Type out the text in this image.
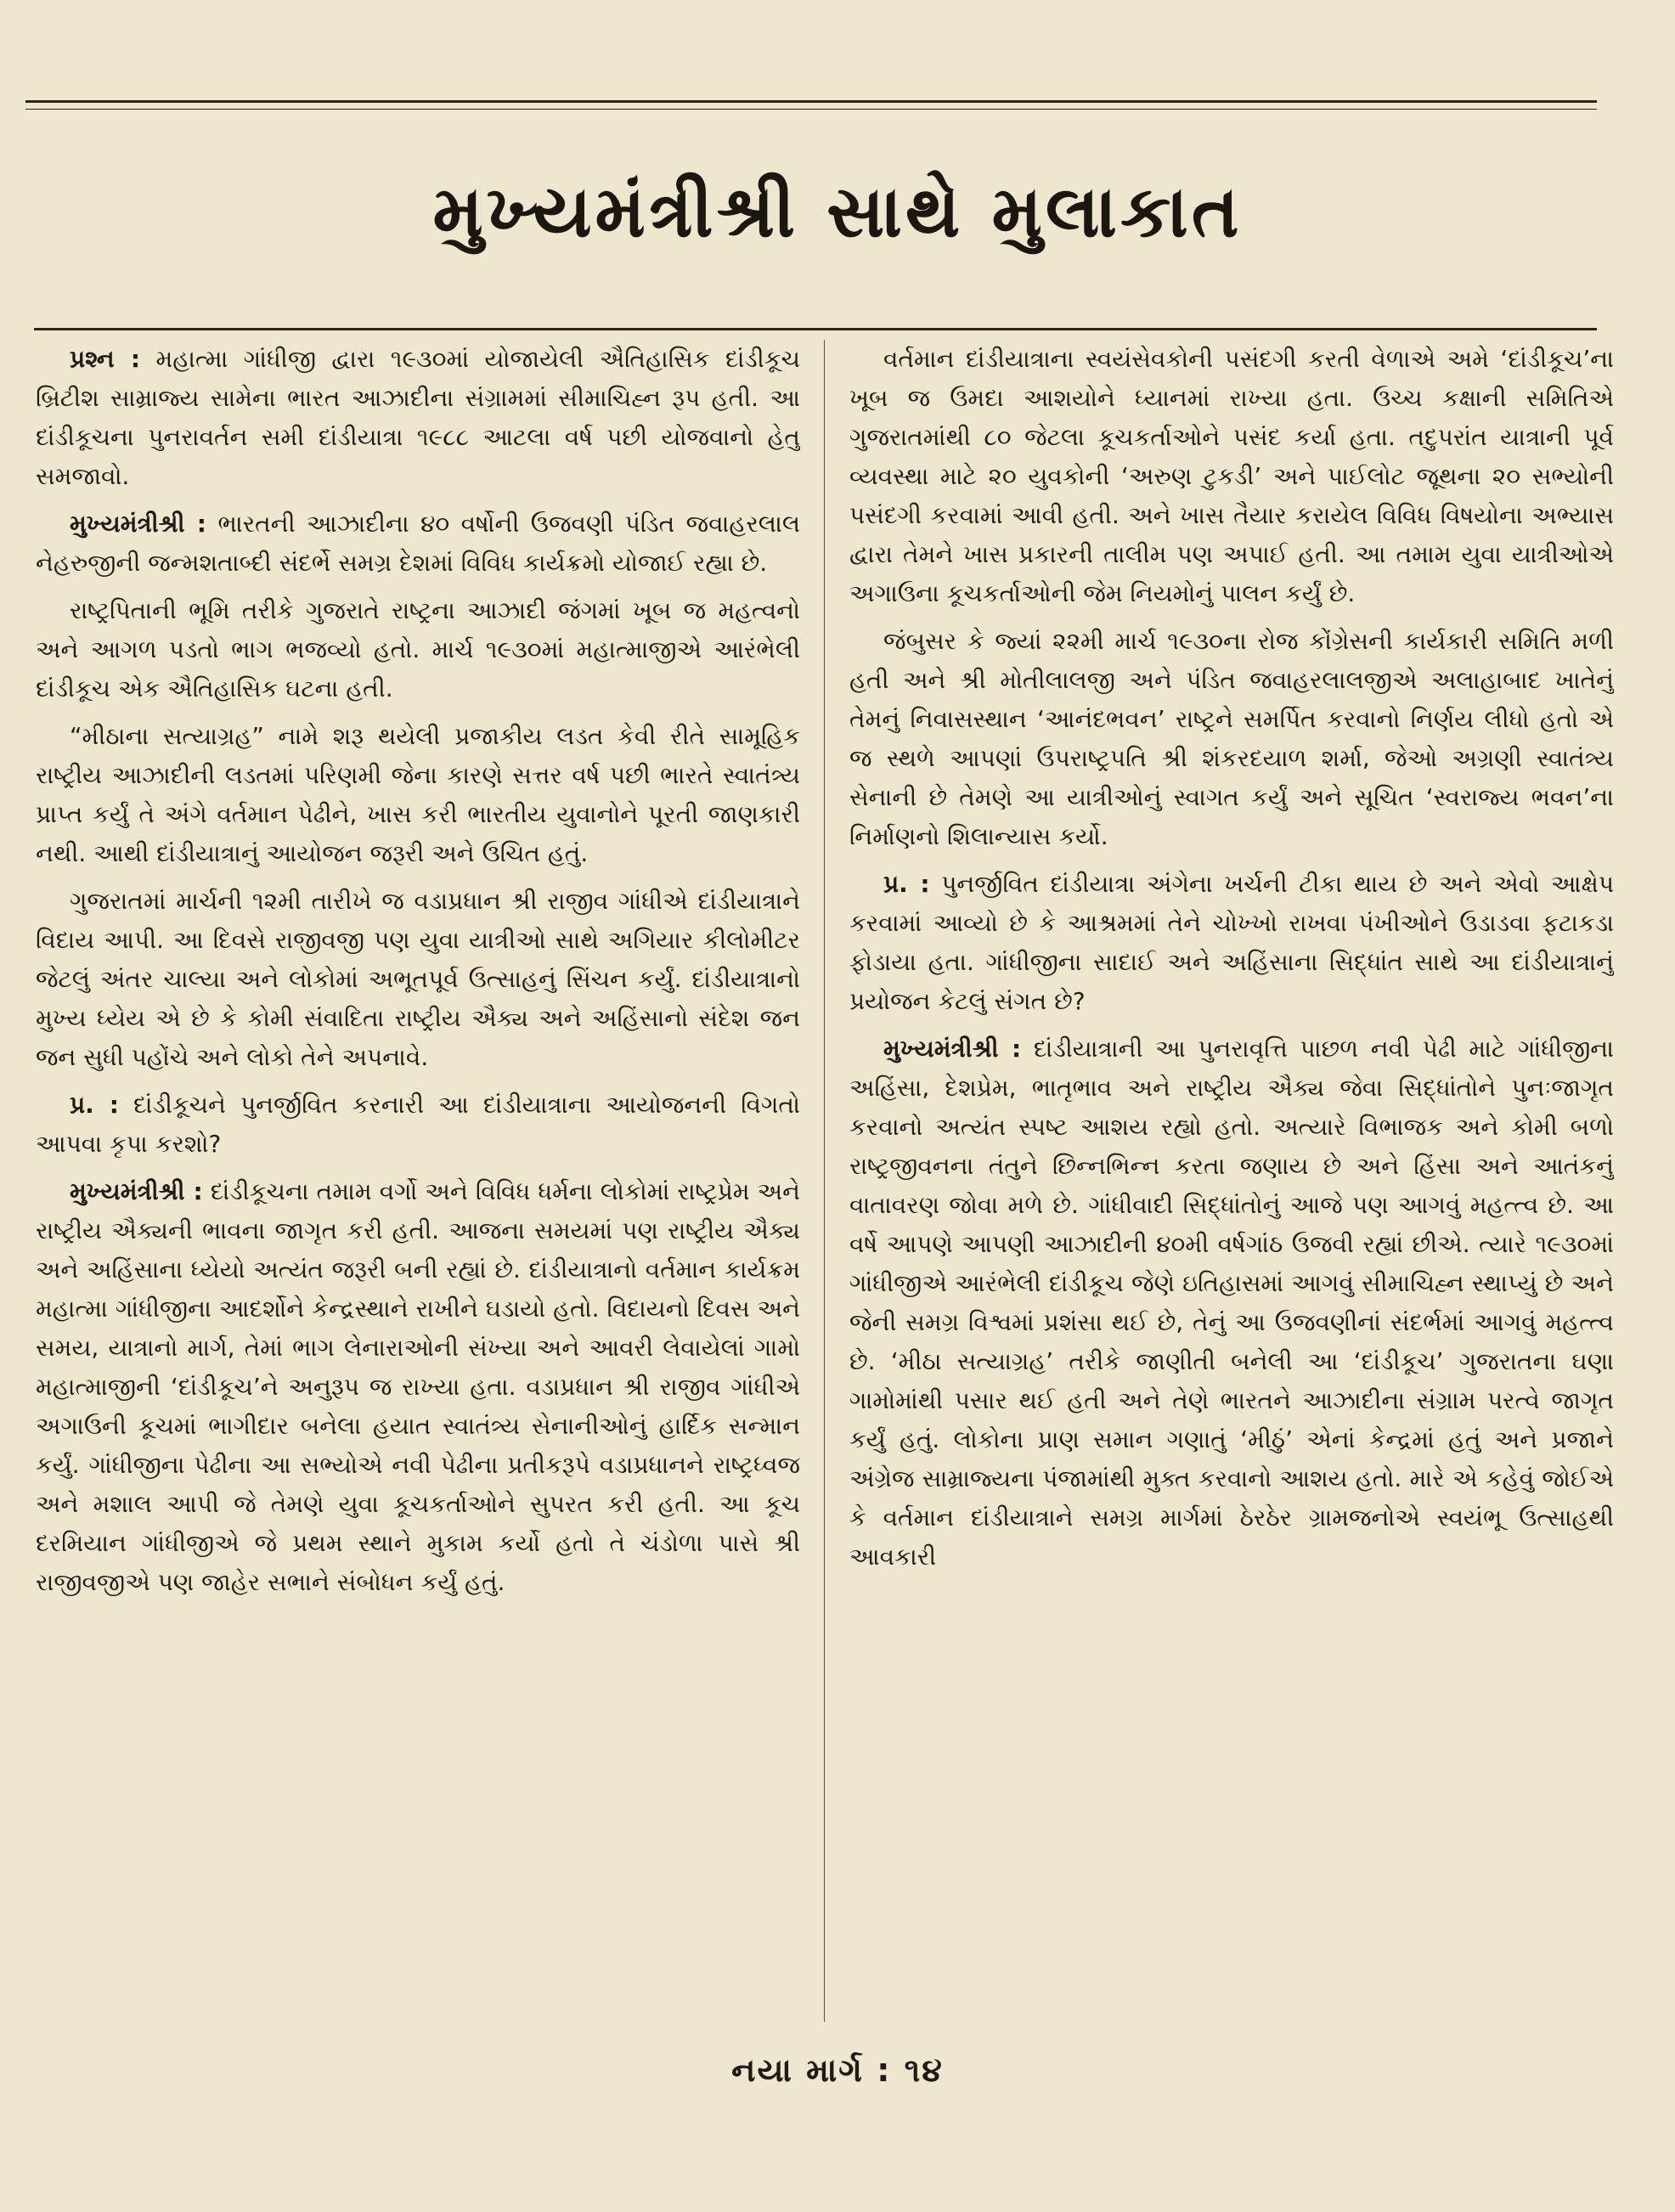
મુખ્યમંત્રીશ્રી સાથે મુલાકાત

પ્રશ્ન : મહાત્મા ગાંધીજી દ્વારા ૧૯૩૦માં યોજાયેલી ઐતિહાસિક દાંડીકૂચ બ્રિટીશ સામ્રાજ્ય સામેના ભારત આઝાદીના સંગ્રામમાં સીમાચિહ્ન રૂપ હતી. આ દાંડીકૂચના પુનરાવર્તન સમી દાંડીયાત્રા ૧૯૮૮ આટલા વર્ષ પછી યોજવાનો હેતુ સમજાવો.

મુખ્યમંત્રીશ્રી : ભારતની આઝાદીના ૪૦ વર્ષોની ઉજવણી પંડિત જવાહરલાલ નેહરુજીની જન્મશતાબ્દી સંદર્ભે સમગ્ર દેશમાં વિવિધ કાર્યક્રમો યોજાઈ રહ્યા છે.

રાષ્ટ્રપિતાની ભૂમિ તરીકે ગુજરાતે રાષ્ટ્રના આઝાદી જંગમાં ખૂબ જ મહત્વનો અને આગળ પડતો ભાગ ભજવ્યો હતો. માર્ચ ૧૯૩૦માં મહાત્માજીએ આરંભેલી દાંડીકૂચ એક ઐતિહાસિક ઘટના હતી.

“મીઠાના સત્યાગ્રહ” નામે શરૂ થયેલી પ્રજાકીય લડત કેવી રીતે સામૂહિક રાષ્ટ્રીય આઝાદીની લડતમાં પરિણમી જેના કારણે સત્તર વર્ષ પછી ભારતે સ્વાતંત્ર્ય પ્રાપ્ત કર્યું તે અંગે વર્તમાન પેઢીને, ખાસ કરી ભારતીય યુવાનોને પૂરતી જાણકારી નથી. આથી દાંડીયાત્રાનું આયોજન જરૂરી અને ઉચિત હતું.

ગુજરાતમાં માર્ચની ૧૨મી તારીખે જ વડાપ્રધાન શ્રી રાજીવ ગાંધીએ દાંડીયાત્રાને વિદાય આપી. આ દિવસે રાજીવજી પણ યુવા યાત્રીઓ સાથે અગિયાર કીલોમીટર જેટલું અંતર ચાલ્યા અને લોકોમાં અભૂતપૂર્વ ઉત્સાહનું સિંચન કર્યું. દાંડીયાત્રાનો મુખ્ય ધ્યેય એ છે કે કોમી સંવાદિતા રાષ્ટ્રીય ઐક્ય અને અહિંસાનો સંદેશ જન જન સુધી પહોંચે અને લોકો તેને અપનાવે.

પ્ર. : દાંડીકૂચને પુનર્જીવિત કરનારી આ દાંડીયાત્રાના આયોજનની વિગતો આપવા કૃપા કરશો?

મુખ્યમંત્રીશ્રી : દાંડીકૂચના તમામ વર્ગો અને વિવિધ ધર્મના લોકોમાં રાષ્ટ્રપ્રેમ અને રાષ્ટ્રીય ઐક્યની ભાવના જાગૃત કરી હતી. આજના સમયમાં પણ રાષ્ટ્રીય ઐક્ય અને અહિંસાના ધ્યેયો અત્યંત જરૂરી બની રહ્યાં છે. દાંડીયાત્રાનો વર્તમાન કાર્યક્રમ મહાત્મા ગાંધીજીના આદર્શોને કેન્દ્રસ્થાને રાખીને ઘડાયો હતો. વિદાયનો દિવસ અને સમય, યાત્રાનો માર્ગ, તેમાં ભાગ લેનારાઓની સંખ્યા અને આવરી લેવાયેલાં ગામો મહાત્માજીની ‘દાંડીકૂચ’ને અનુરૂપ જ રાખ્યા હતા. વડાપ્રધાન શ્રી રાજીવ ગાંધીએ અગાઉની કૂચમાં ભાગીદાર બનેલા હયાત સ્વાતંત્ર્ય સેનાનીઓનું હાર્દિક સન્માન કર્યું. ગાંધીજીના પેઢીના આ સભ્યોએ નવી પેઢીના પ્રતીકરૂપે વડાપ્રધાનને રાષ્ટ્રધ્વજ અને મશાલ આપી જે તેમણે યુવા કૂચકર્તાઓને સુપરત કરી હતી. આ કૂચ દરમિયાન ગાંધીજીએ જે પ્રથમ સ્થાને મુકામ કર્યો હતો તે ચંડોળા પાસે શ્રી રાજીવજીએ પણ જાહેર સભાને સંબોધન કર્યું હતું.

વર્તમાન દાંડીયાત્રાના સ્વયંસેવકોની પસંદગી કરતી વેળાએ અમે ‘દાંડીકૂચ’ના ખૂબ જ ઉમદા આશયોને ધ્યાનમાં રાખ્યા હતા. ઉચ્ચ કક્ષાની સમિતિએ ગુજરાતમાંથી ૮૦ જેટલા કૂચકર્તાઓને પસંદ કર્યા હતા. તદુપરાંત યાત્રાની પૂર્વ વ્યવસ્થા માટે ૨૦ યુવકોની ‘અરુણ ટુકડી’ અને પાઈલોટ જૂથના ૨૦ સભ્યોની પસંદગી કરવામાં આવી હતી. અને ખાસ તૈયાર કરાયેલ વિવિધ વિષયોના અભ્યાસ દ્વારા તેમને ખાસ પ્રકારની તાલીમ પણ અપાઈ હતી. આ તમામ યુવા યાત્રીઓએ અગાઉના કૂચકર્તાઓની જેમ નિયમોનું પાલન કર્યું છે.

જંબુસર કે જ્યાં ૨૨મી માર્ચ ૧૯૩૦ના રોજ કોંગ્રેસની કાર્યકારી સમિતિ મળી હતી અને શ્રી મોતીલાલજી અને પંડિત જવાહરલાલજીએ અલાહાબાદ ખાતેનું તેમનું નિવાસસ્થાન ‘આનંદભવન’ રાષ્ટ્રને સમર્પિત કરવાનો નિર્ણય લીધો હતો એ જ સ્થળે આપણાં ઉપરાષ્ટ્રપતિ શ્રી શંકરદયાળ શર્મા, જેઓ અગ્રણી સ્વાતંત્ર્ય સેનાની છે તેમણે આ યાત્રીઓનું સ્વાગત કર્યું અને સૂચિત ‘સ્વરાજ્ય ભવન’ના નિર્માણનો શિલાન્યાસ કર્યો.

પ્ર. : પુનર્જીવિત દાંડીયાત્રા અંગેના ખર્ચની ટીકા થાય છે અને એવો આક્ષેપ કરવામાં આવ્યો છે કે આશ્રમમાં તેને ચોખ્ખો રાખવા પંખીઓને ઉડાડવા ફટાકડા ફોડાયા હતા. ગાંધીજીના સાદાઈ અને અહિંસાના સિદ્ધાંત સાથે આ દાંડીયાત્રાનું પ્રયોજન કેટલું સંગત છે?

મુખ્યમંત્રીશ્રી : દાંડીયાત્રાની આ પુનરાવૃત્તિ પાછળ નવી પેઢી માટે ગાંધીજીના અહિંસા, દેશપ્રેમ, ભાતૃભાવ અને રાષ્ટ્રીય ઐક્ય જેવા સિદ્ધાંતોને પુનઃજાગૃત કરવાનો અત્યંત સ્પષ્ટ આશય રહ્યો હતો. અત્યારે વિભાજક અને કોમી બળો રાષ્ટ્રજીવનના તંતુને છિન્નભિન્ન કરતા જણાય છે અને હિંસા અને આતંકનું વાતાવરણ જોવા મળે છે. ગાંધીવાદી સિદ્ધાંતોનું આજે પણ આગવું મહત્ત્વ છે. આ વર્ષે આપણે આપણી આઝાદીની ૪૦મી વર્ષગાંઠ ઉજવી રહ્યાં છીએ. ત્યારે ૧૯૩૦માં ગાંધીજીએ આરંભેલી દાંડીકૂચ જેણે ઇતિહાસમાં આગવું સીમાચિહ્ન સ્થાપ્યું છે અને જેની સમગ્ર વિશ્વમાં પ્રશંસા થઈ છે, તેનું આ ઉજવણીનાં સંદર્ભમાં આગવું મહત્ત્વ છે. ‘મીઠા સત્યાગ્રહ’ તરીકે જાણીતી બનેલી આ ‘દાંડીકૂચ’ ગુજરાતના ઘણા ગામોમાંથી પસાર થઈ હતી અને તેણે ભારતને આઝાદીના સંગ્રામ પરત્વે જાગૃત કર્યું હતું. લોકોના પ્રાણ સમાન ગણાતું ‘મીઠું’ એનાં કેન્દ્રમાં હતું અને પ્રજાને અંગ્રેજ સામ્રાજ્યના પંજામાંથી મુક્ત કરવાનો આશય હતો. મારે એ કહેવું જોઈએ કે વર્તમાન દાંડીયાત્રાને સમગ્ર માર્ગમાં ઠેરઠેર ગ્રામજનોએ સ્વયંભૂ ઉત્સાહથી આવકારી

નયા માર્ગ : ૧૪
